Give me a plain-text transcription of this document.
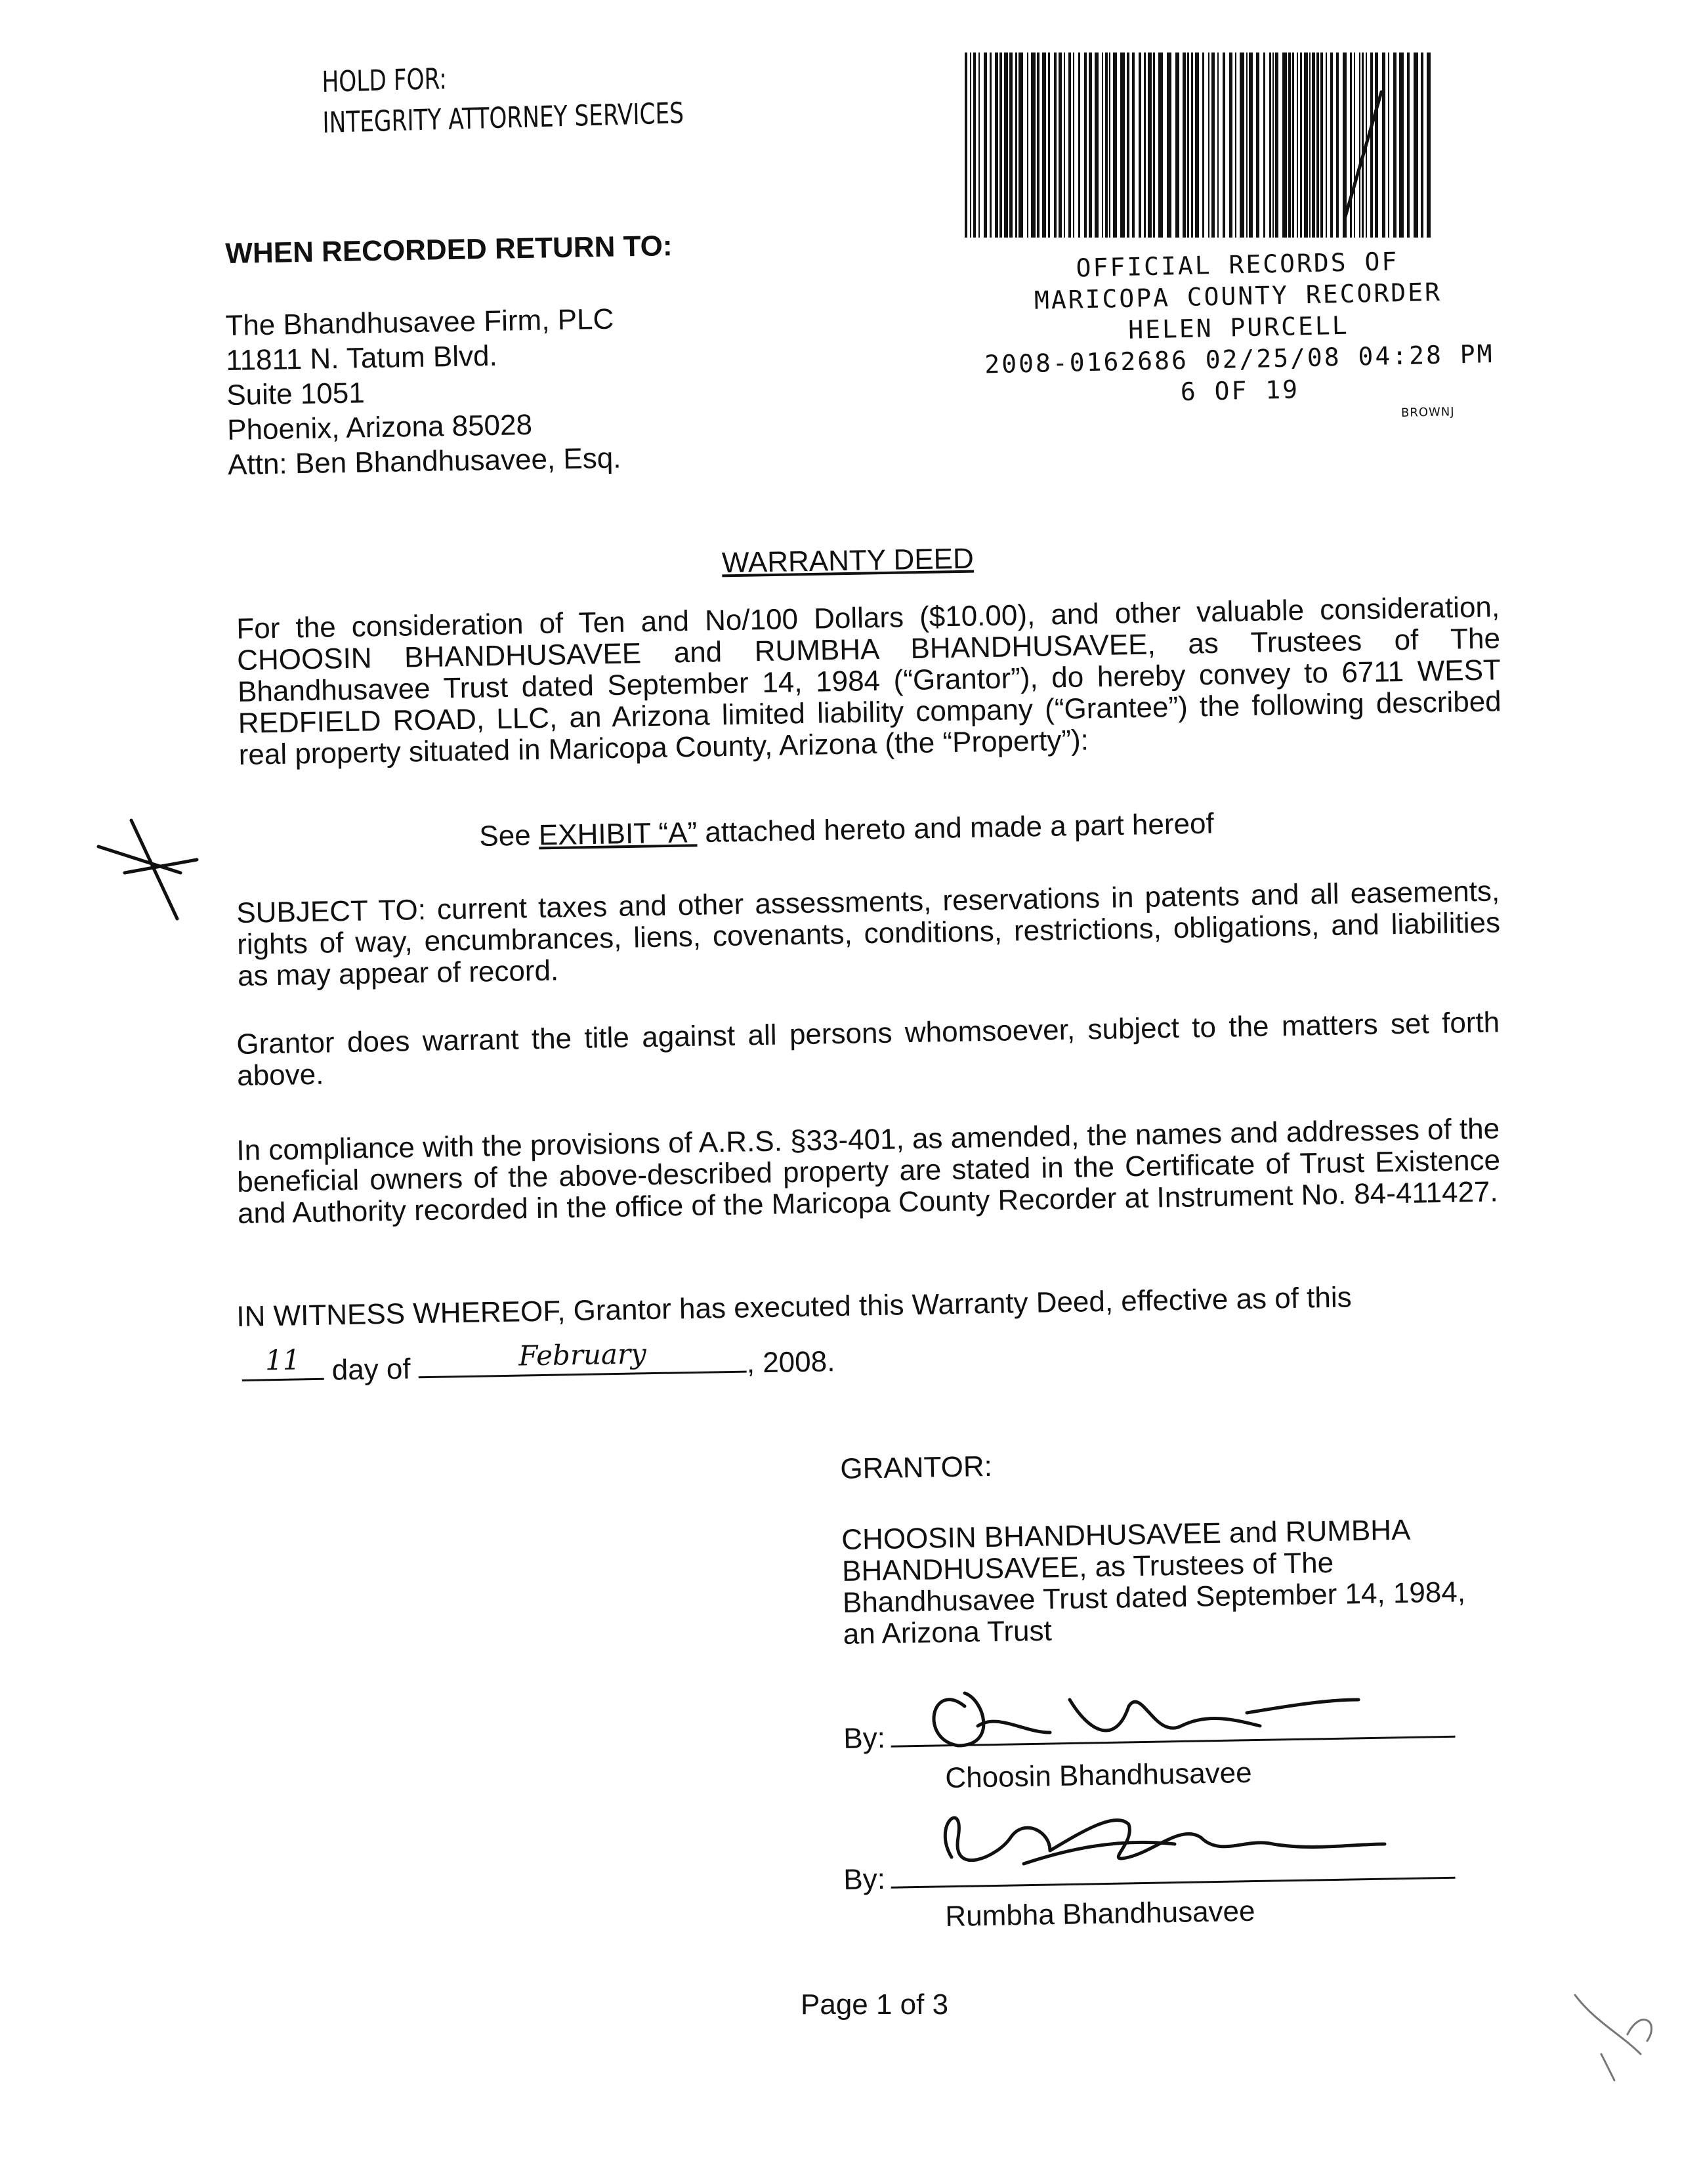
HOLD FOR:
INTEGRITY ATTORNEY SERVICES
OFFICIAL RECORDS OF
MARICOPA COUNTY RECORDER
HELEN PURCELL
2008-0162686 02/25/08 04:28 PM
6 OF 19
BROWNJ
WHEN RECORDED RETURN TO:
The Bhandhusavee Firm, PLC
11811 N. Tatum Blvd.
Suite 1051
Phoenix, Arizona 85028
Attn: Ben Bhandhusavee, Esq.
WARRANTY DEED
For the consideration of Ten and No/100 Dollars ($10.00), and other valuable consideration, CHOOSIN BHANDHUSAVEE and RUMBHA BHANDHUSAVEE, as Trustees of The Bhandhusavee Trust dated September 14, 1984 (“Grantor”), do hereby convey to 6711 WEST REDFIELD ROAD, LLC, an Arizona limited liability company (“Grantee”) the following described real property situated in Maricopa County, Arizona (the “Property”):
See EXHIBIT “A” attached hereto and made a part hereof
SUBJECT TO: current taxes and other assessments, reservations in patents and all easements, rights of way, encumbrances, liens, covenants, conditions, restrictions, obligations, and liabilities as may appear of record.
Grantor does warrant the title against all persons whomsoever, subject to the matters set forth above.
In compliance with the provisions of A.R.S. §33-401, as amended, the names and addresses of the beneficial owners of the above-described property are stated in the Certificate of Trust Existence and Authority recorded in the office of the Maricopa County Recorder at Instrument No. 84-411427.
IN WITNESS WHEREOF, Grantor has executed this Warranty Deed, effective as of this
11 day of	February	, 2008.
GRANTOR:
CHOOSIN BHANDHUSAVEE and RUMBHA
BHANDHUSAVEE, as Trustees of The
Bhandhusavee Trust dated September 14, 1984,
an Arizona Trust
By:
Choosin Bhandhusavee
By:
Rumbha Bhandhusavee
Page 1 of 3
